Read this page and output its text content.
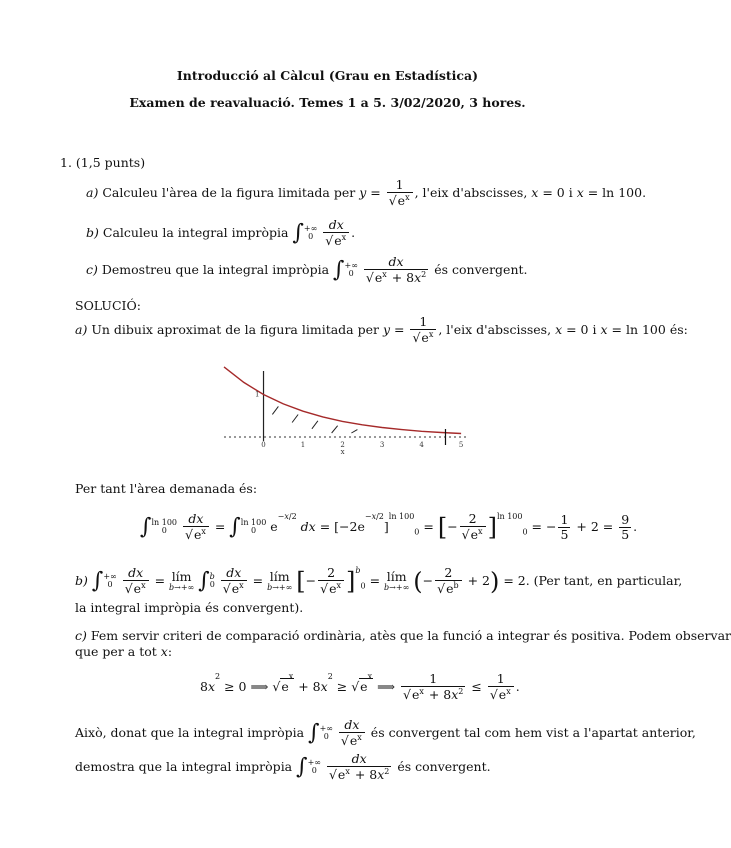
Introducció al Càlcul (Grau en Estadística)
Examen de reavaluació. Temes 1 a 5. 3/02/2020, 3 hores.
1. (1,5 punts)
a) Calculeu l'àrea de la figura limitada per $y = \frac{1}{√e^x}$ , l'eix d'abscisses, x = 0 i x = ln 100.
b) Calculeu la integral impròpia ∫+∞
$0 \frac{dx}{√e^x}$ .
c) Demostreu que la integral impròpia ∫+∞
$0 \frac{dx}{√e^x + 8x^2}$ és convergent.
SOLUCIÓ:
a) Un dibuix aproximat de la figura limitada per $y = \frac{1}{√e^x}$ , l'eix d'abscisses, x = 0 i x = ln 100 és:
0	1	2	3	4	5
1
x
Per tant l'àrea demanada és:
∫ln 100
$0 \frac{dx}{√e^x} = \int\ln$ 100
0 $e^{-x/2}$ dx = $[-2e^{-x/2}]^{ln 100}_0$ = [− $\frac{2}{√e^x} ]^{ln 100}_0$ = − $\frac{1}{5} + 2 = \frac{9}{5}$ .
b) ∫+∞
$0 \frac{dx}{√e^x}$ = lím
b→+∞ ∫b
$0 \frac{dx}{√e^x}$ = lím
b→+∞ [− $\frac{2}{√e^x} ]^b_0$ = lím
b→+∞ (− $\frac{2}{√e^b} + 2) = 2$. (Per tant, en particular,
la integral impròpia és convergent).
c) Fem servir criteri de comparació ordinària, atès que la funció a integrar és positiva. Podem observar
que per a tot x:
$8x^2 \ge 0$ ⟹ $√e^x + 8x^2 \ge √e^x$ ⟹ $\frac{1}{√e^x + 8x^2} \le \frac{1}{√e^x}$ .
Això, donat que la integral impròpia ∫+∞
$0 \frac{dx}{√e^x}$ és convergent tal com hem vist a l'apartat anterior,
demostra que la integral impròpia ∫+∞
$0 \frac{dx}{√e^x + 8x^2}$ és convergent.
